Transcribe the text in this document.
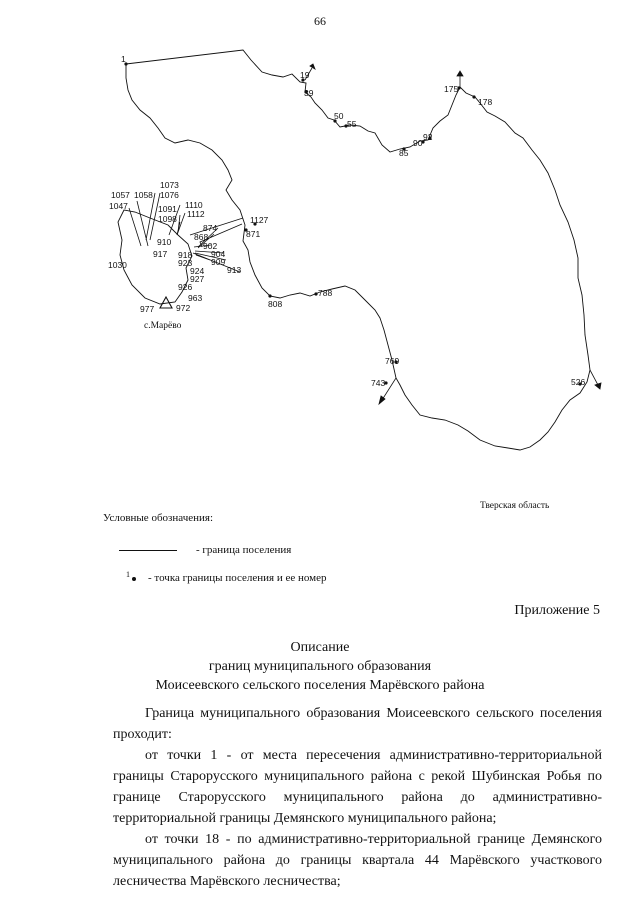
66
1
19
39
50
55
85
90
92
175
178
1073
1057 1058 1076
1047	1091 1110
1098 1112
1127
874
871
868
910	902
904
917 918
909
923
913
924
927
926
963
977	972
1030
808
788
769
743	526
с.Марёво
Тверская область
Условные обозначения:
- граница поселения
1 - точка границы поселения и ее номер
Приложение 5
Описание
границ муниципального образования
Моисеевского сельского поселения Марёвского района

Граница муниципального образования Моисеевского сельского поселения проходит:

от точки 1 - от места пересечения административно-территориальной границы Старорусского муниципального района с рекой Шубинская Робья по границе Старорусского муниципального района до административно-территориальной границы Демянского муниципального района;

от точки 18 - по административно-территориальной границе Демянского муниципального района до границы квартала 44 Марёвского участкового лесничества Марёвского лесничества;
